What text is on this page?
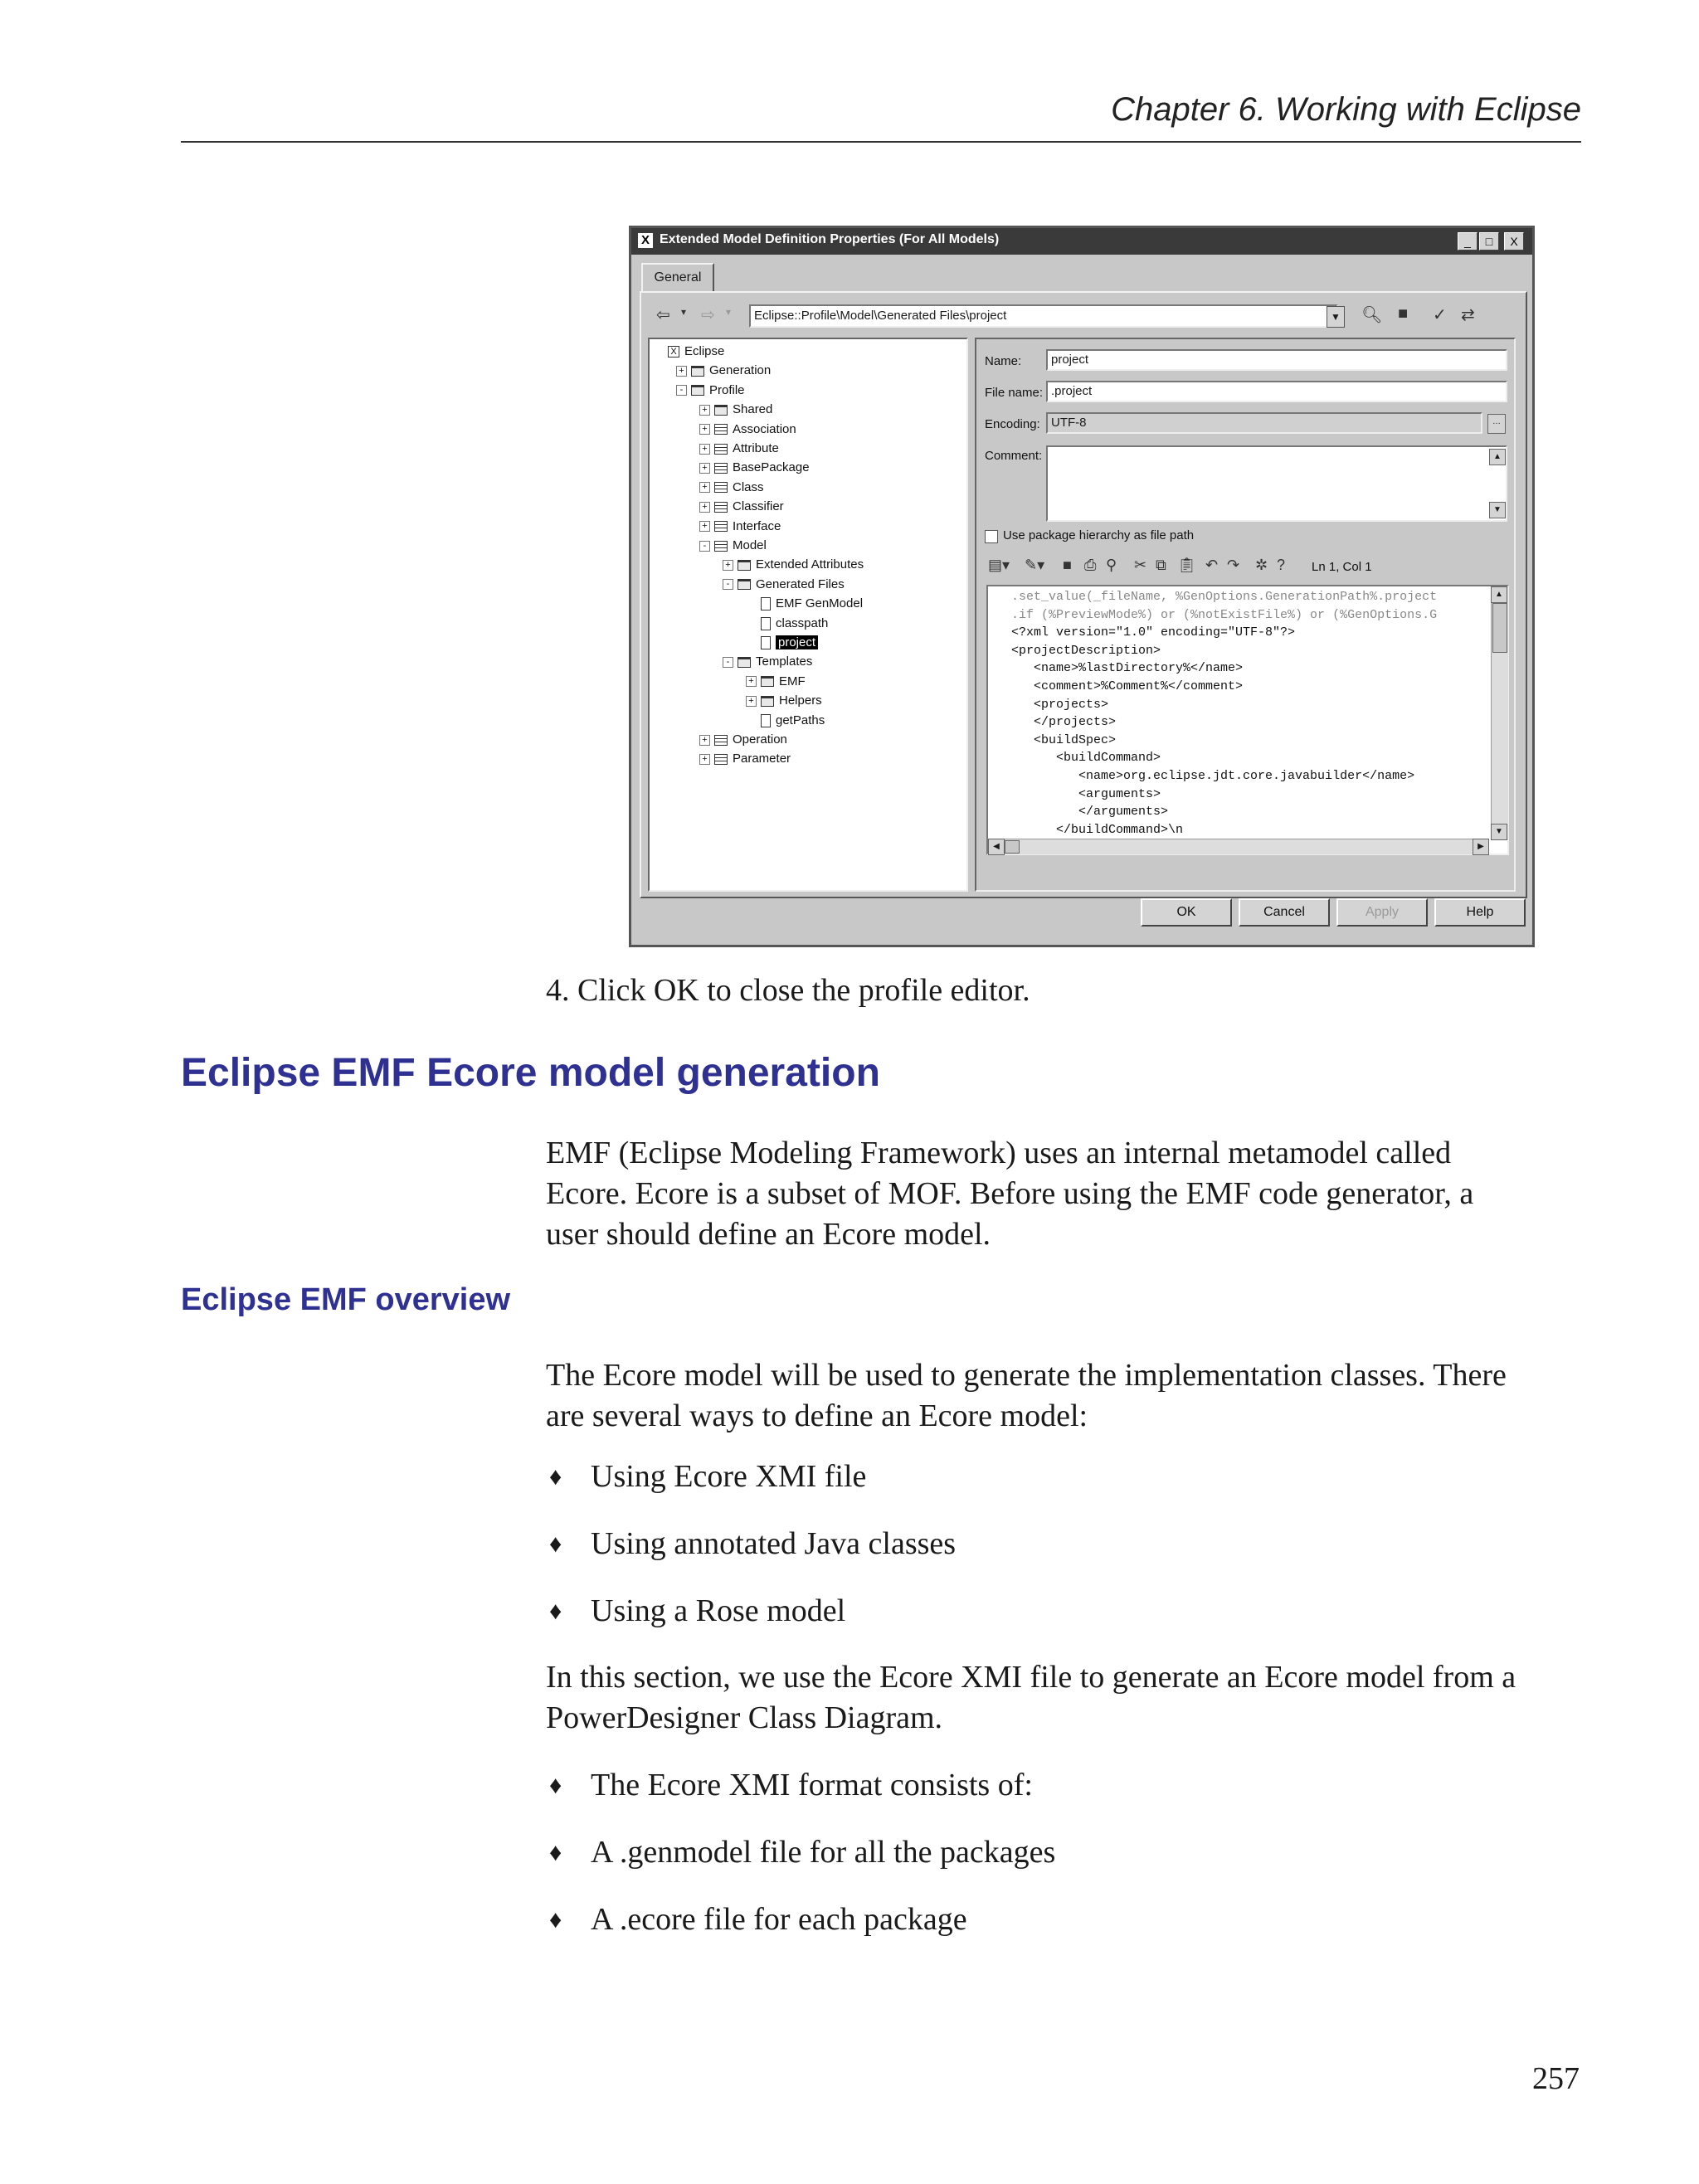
Chapter 6. Working with Eclipse
X Extended Model Definition Properties (For All Models)	_	□	X
General
⇦ ▾ ⇨ ▾	Eclipse::Profile\Model\Generated Files\project	▼ 🔍︎ ■ ✓ ⇄
X Eclipse
+ Generation
- Profile
+ Shared
+ Association
+ Attribute
+ BasePackage
+ Class
+ Classifier
+ Interface
- Model
+ Extended Attributes
- Generated Files
EMF GenModel
classpath
project
- Templates
+ EMF
+ Helpers
getPaths
+ Operation
+ Parameter
Name:	project
File name: .project
Encoding: UTF-8	…
Comment:	▲
▼
Use package hierarchy as file path
▤▾ ✎▾ ■ ⎙ ⚲ ✂ ⧉ 📋︎ ↶ ↷ ✲ ? Ln 1, Col 1
.set_value(_fileName, %GenOptions.GenerationPath%.project
.if (%PreviewMode%) or (%notExistFile%) or (%GenOptions.G
<?xml version="1.0" encoding="UTF-8"?>
<projectDescription>
<name>%lastDirectory%</name>
<comment>%Comment%</comment>
<projects>
</projects>
<buildSpec>
<buildCommand>
<name>org.eclipse.jdt.core.javabuilder</name>
<arguments>
</arguments>
</buildCommand>\n
▲
▼
◀	▶
OK	Cancel	Apply	Help
4. Click OK to close the profile editor.
Eclipse EMF Ecore model generation
EMF (Eclipse Modeling Framework) uses an internal metamodel called
Ecore. Ecore is a subset of MOF. Before using the EMF code generator, a
user should define an Ecore model.
Eclipse EMF overview
The Ecore model will be used to generate the implementation classes. There
are several ways to define an Ecore model:
♦ Using Ecore XMI file
♦ Using annotated Java classes
♦ Using a Rose model
In this section, we use the Ecore XMI file to generate an Ecore model from a
PowerDesigner Class Diagram.
♦ The Ecore XMI format consists of:
♦ A .genmodel file for all the packages
♦ A .ecore file for each package
257
